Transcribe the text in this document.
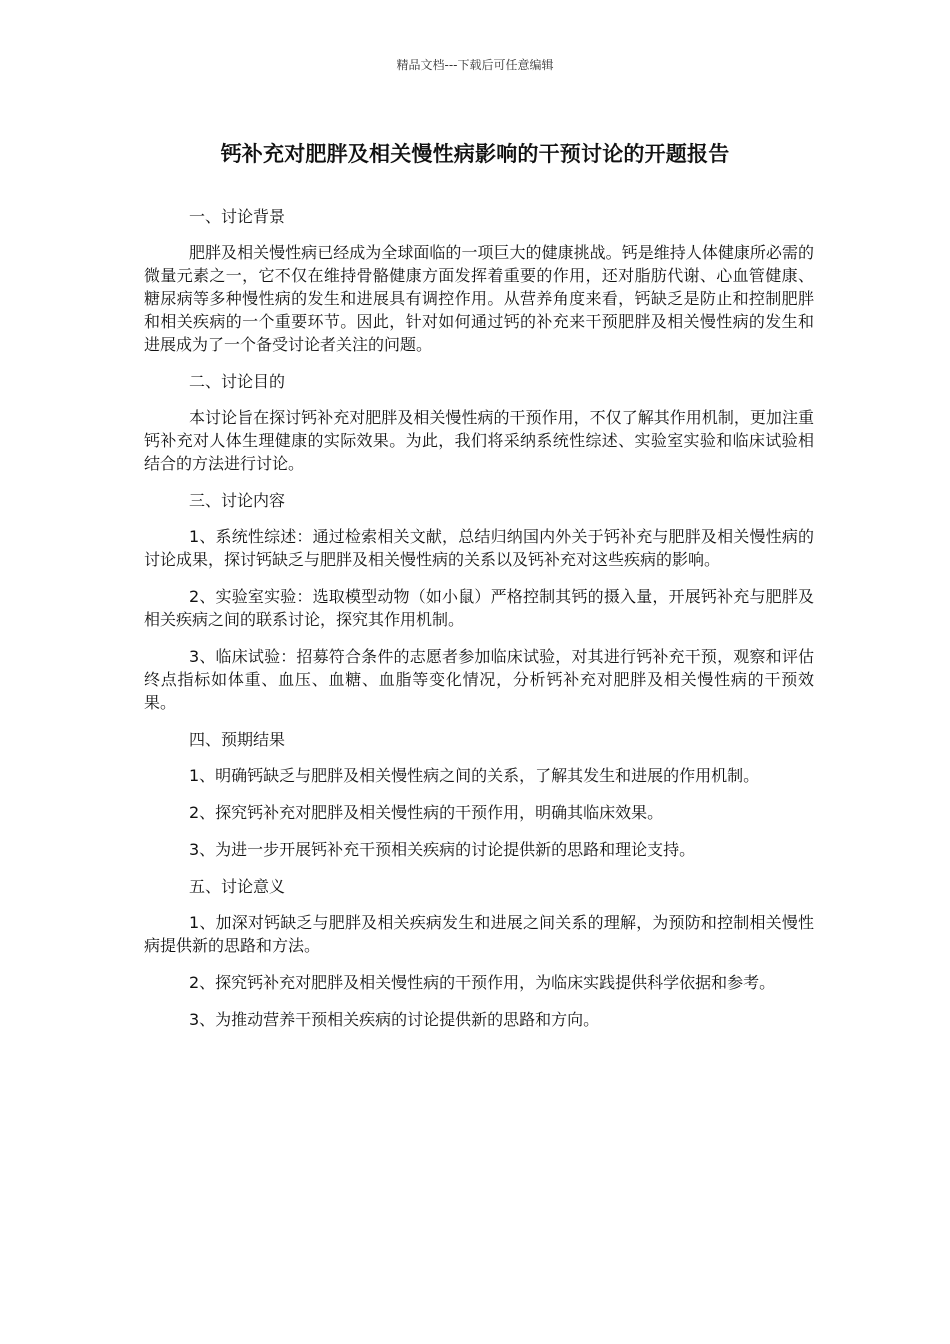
精品文档---下载后可任意编辑
钙补充对肥胖及相关慢性病影响的干预讨论的开题报告

一、讨论背景

肥胖及相关慢性病已经成为全球面临的一项巨大的健康挑战。钙是维持人体健康所必需的微量元素之一，它不仅在维持骨骼健康方面发挥着重要的作用，还对脂肪代谢、心血管健康、糖尿病等多种慢性病的发生和进展具有调控作用。从营养角度来看，钙缺乏是防止和控制肥胖和相关疾病的一个重要环节。因此，针对如何通过钙的补充来干预肥胖及相关慢性病的发生和进展成为了一个备受讨论者关注的问题。

二、讨论目的

本讨论旨在探讨钙补充对肥胖及相关慢性病的干预作用，不仅了解其作用机制，更加注重钙补充对人体生理健康的实际效果。为此，我们将采纳系统性综述、实验室实验和临床试验相结合的方法进行讨论。

三、讨论内容

1、系统性综述：通过检索相关文献，总结归纳国内外关于钙补充与肥胖及相关慢性病的讨论成果，探讨钙缺乏与肥胖及相关慢性病的关系以及钙补充对这些疾病的影响。

2、实验室实验：选取模型动物（如小鼠）严格控制其钙的摄入量，开展钙补充与肥胖及相关疾病之间的联系讨论，探究其作用机制。

3、临床试验：招募符合条件的志愿者参加临床试验，对其进行钙补充干预，观察和评估终点指标如体重、血压、血糖、血脂等变化情况，分析钙补充对肥胖及相关慢性病的干预效果。

四、预期结果

1、明确钙缺乏与肥胖及相关慢性病之间的关系，了解其发生和进展的作用机制。

2、探究钙补充对肥胖及相关慢性病的干预作用，明确其临床效果。

3、为进一步开展钙补充干预相关疾病的讨论提供新的思路和理论支持。

五、讨论意义

1、加深对钙缺乏与肥胖及相关疾病发生和进展之间关系的理解，为预防和控制相关慢性病提供新的思路和方法。

2、探究钙补充对肥胖及相关慢性病的干预作用，为临床实践提供科学依据和参考。

3、为推动营养干预相关疾病的讨论提供新的思路和方向。
